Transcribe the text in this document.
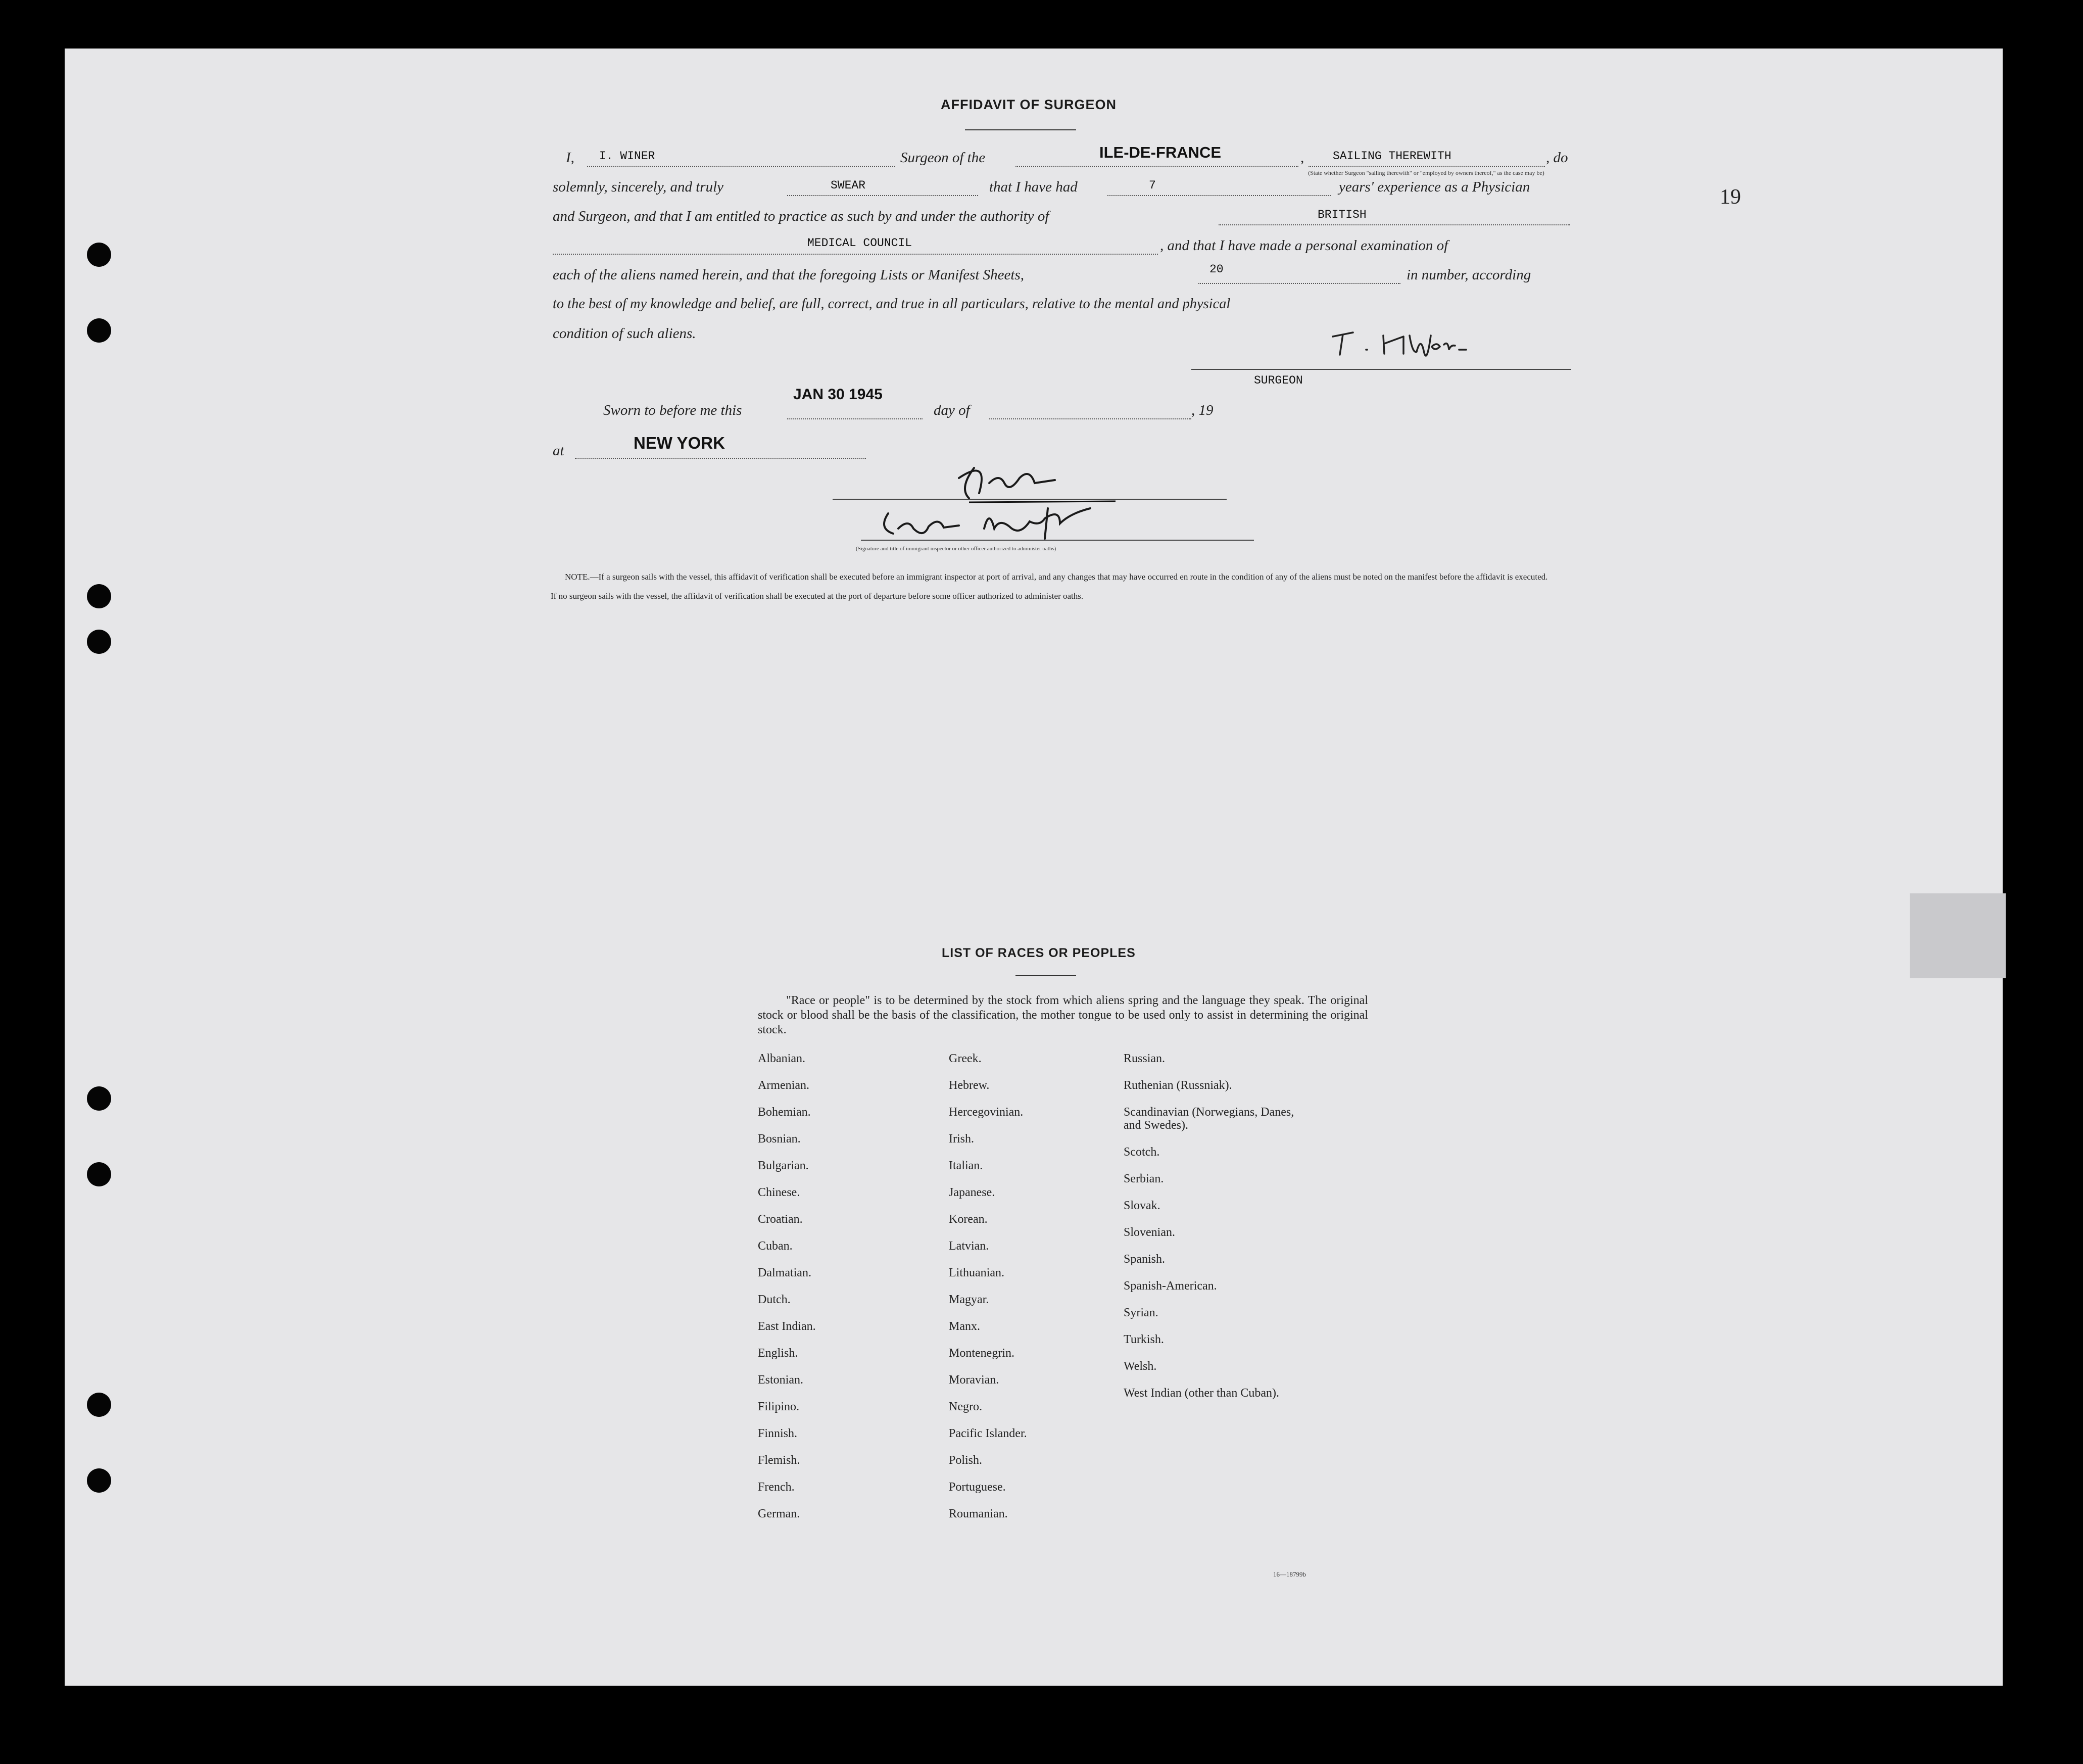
AFFIDAVIT OF SURGEON
I, I. WINER	Surgeon of the	ILE-DE-FRANCE	, SAILING THEREWITH	, do
(State whether Surgeon "sailing therewith" or "employed by owners thereof," as the case may be)
solemnly, sincerely, and truly	SWEAR	that I have had	7	years' experience as a Physician
and Surgeon, and that I am entitled to practice as such by and under the authority of	BRITISH
MEDICAL COUNCIL	, and that I have made a personal examination of
each of the aliens named herein, and that the foregoing Lists or Manifest Sheets,	20	in number, according
to the best of my knowledge and belief, are full, correct, and true in all particulars, relative to the mental and physical
condition of such aliens.
SURGEON
Sworn to before me this
JAN 30 1945
day of	, 19
at	NEW YORK
(Signature and title of immigrant inspector or other officer authorized to administer oaths)
NOTE.—If a surgeon sails with the vessel, this affidavit of verification shall be executed before an immigrant inspector at port of arrival, and any changes that may have occurred en route in the condition of any of the aliens must be noted on the manifest before the affidavit is executed.
If no surgeon sails with the vessel, the affidavit of verification shall be executed at the port of departure before some officer authorized to administer oaths.
19
LIST OF RACES OR PEOPLES
"Race or people" is to be determined by the stock from which aliens spring and the language they speak. The original stock or blood shall be the basis of the classification, the mother tongue to be used only to assist in determining the original stock.
Albanian.
Armenian.
Bohemian.
Bosnian.
Bulgarian.
Chinese.
Croatian.
Cuban.
Dalmatian.
Dutch.
East Indian.
English.
Estonian.
Filipino.
Finnish.
Flemish.
French.
German.
Greek.
Hebrew.
Hercegovinian.
Irish.
Italian.
Japanese.
Korean.
Latvian.
Lithuanian.
Magyar.
Manx.
Montenegrin.
Moravian.
Negro.
Pacific Islander.
Polish.
Portuguese.
Roumanian.
Russian.
Ruthenian (Russniak).
Scandinavian (Norwegians, Danes, and Swedes).
Scotch.
Serbian.
Slovak.
Slovenian.
Spanish.
Spanish-American.
Syrian.
Turkish.
Welsh.
West Indian (other than Cuban).
16—18799b
